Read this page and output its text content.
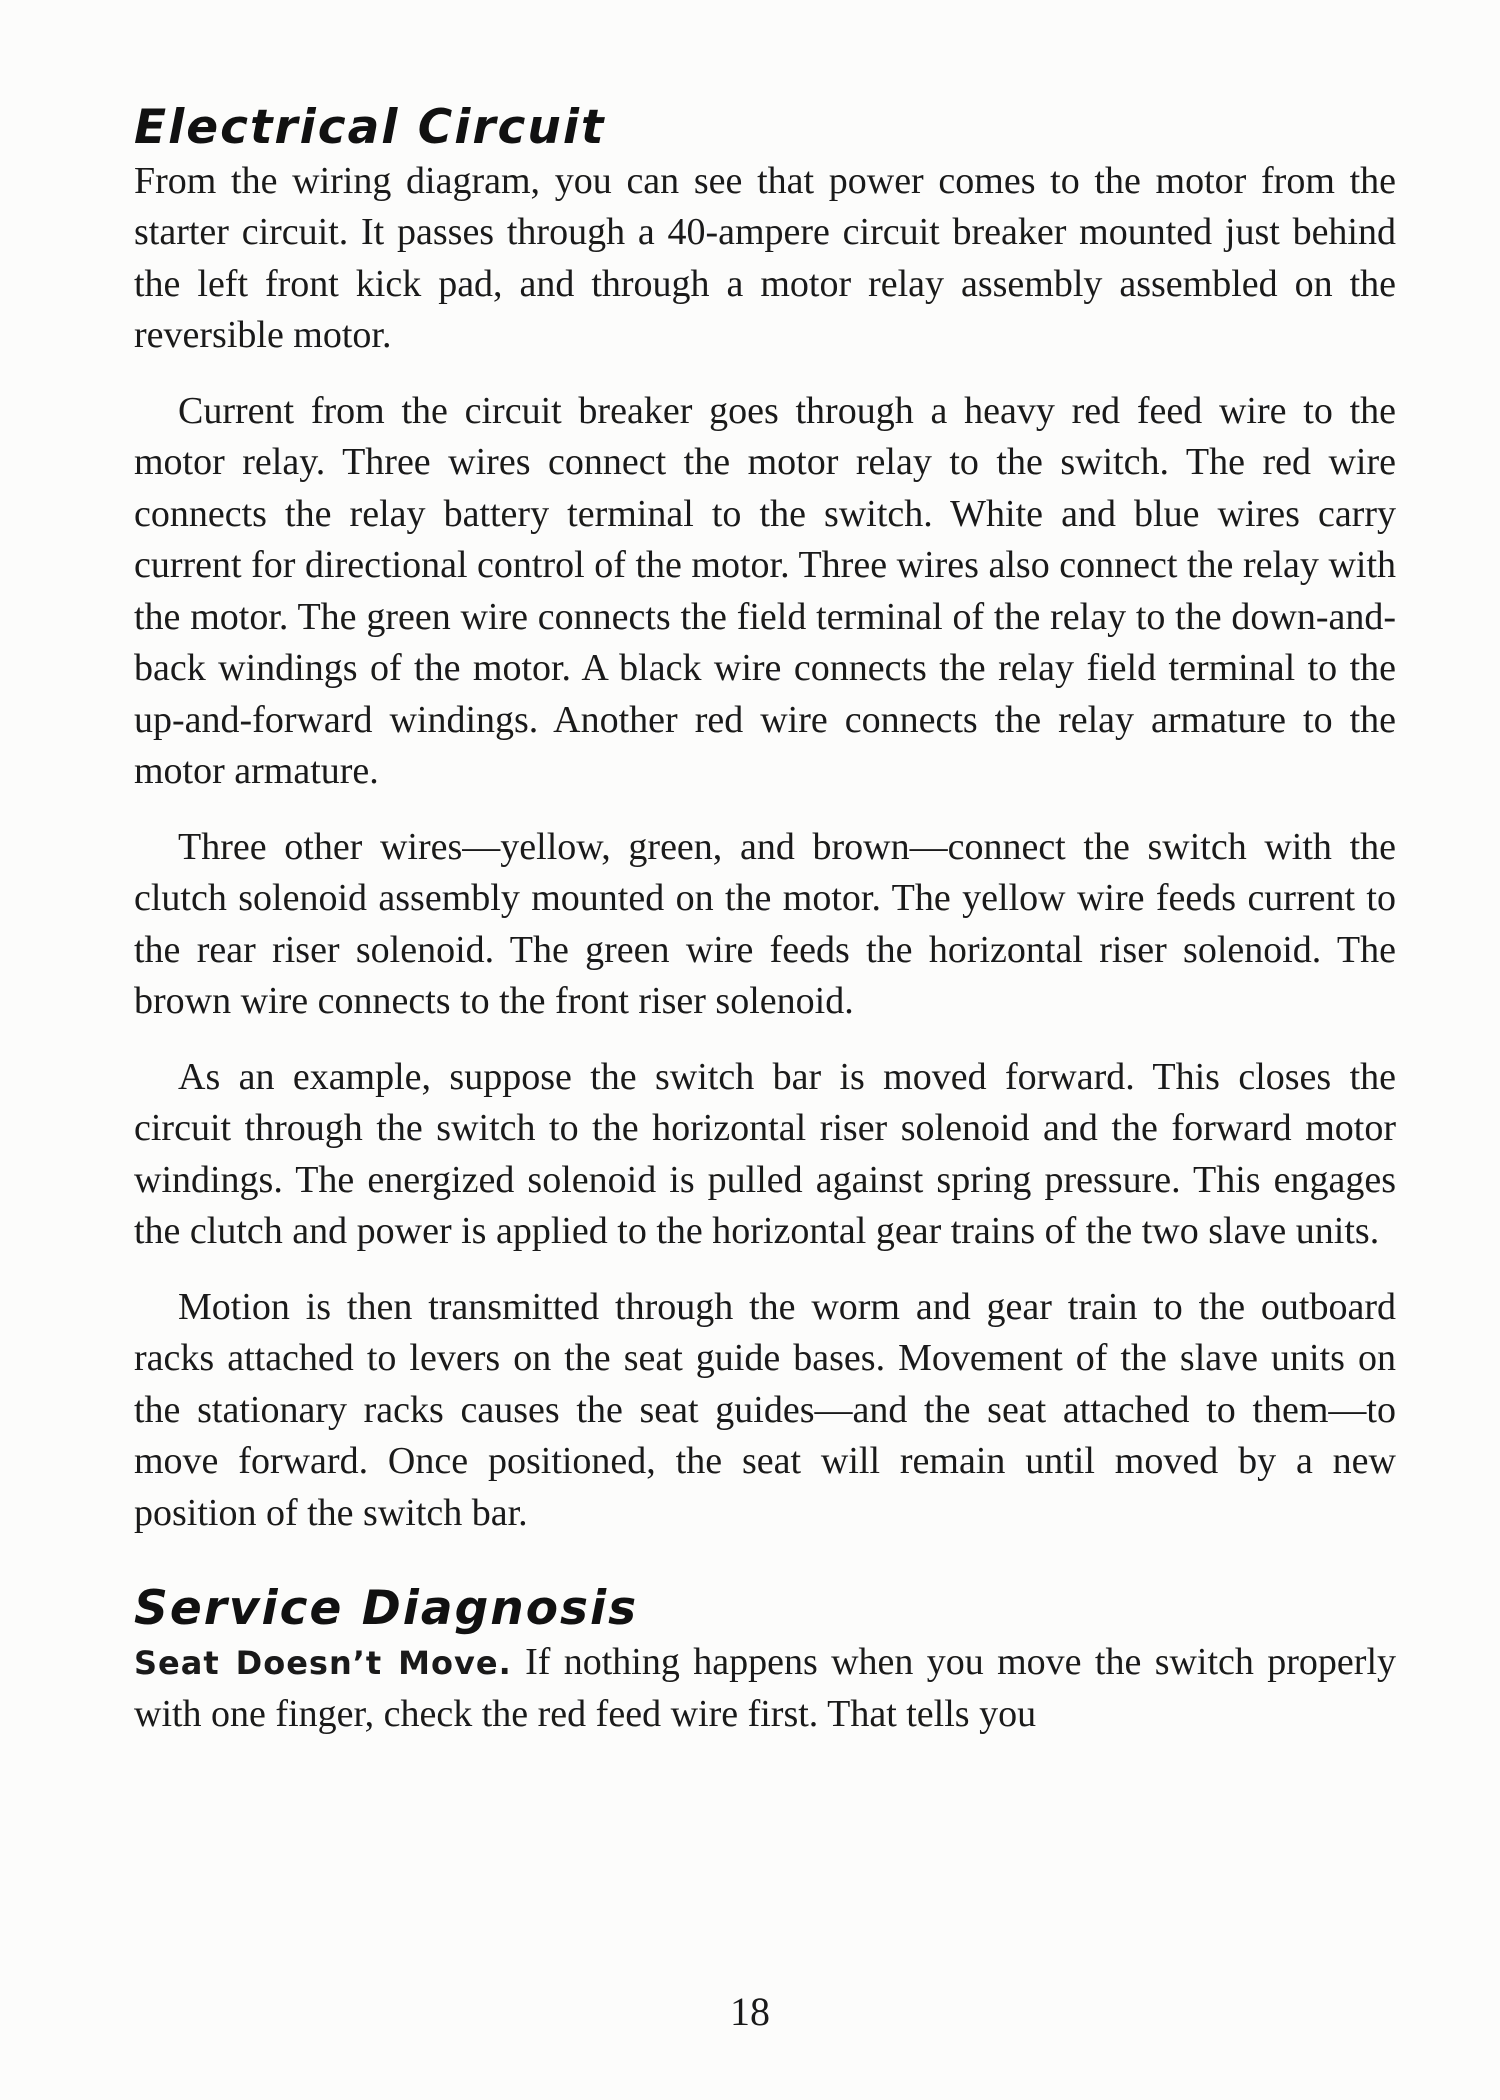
Electrical Circuit

From the wiring diagram, you can see that power comes to the motor from the starter circuit. It passes through a 40-ampere circuit breaker mounted just behind the left front kick pad, and through a motor relay assembly assembled on the reversible motor.

Current from the circuit breaker goes through a heavy red feed wire to the motor relay. Three wires connect the motor relay to the switch. The red wire connects the relay battery terminal to the switch. White and blue wires carry current for directional control of the motor. Three wires also connect the relay with the motor. The green wire connects the field terminal of the relay to the down-and-back windings of the motor. A black wire connects the relay field terminal to the up-and-forward windings. Another red wire connects the relay armature to the motor armature.

Three other wires—yellow, green, and brown—connect the switch with the clutch solenoid assembly mounted on the motor. The yellow wire feeds current to the rear riser solenoid. The green wire feeds the horizontal riser solenoid. The brown wire connects to the front riser solenoid.

As an example, suppose the switch bar is moved forward. This closes the circuit through the switch to the horizontal riser solenoid and the forward motor windings. The energized solenoid is pulled against spring pressure. This engages the clutch and power is applied to the horizontal gear trains of the two slave units.

Motion is then transmitted through the worm and gear train to the outboard racks attached to levers on the seat guide bases. Movement of the slave units on the stationary racks causes the seat guides—and the seat attached to them—to move forward. Once positioned, the seat will remain until moved by a new position of the switch bar.

Service Diagnosis

Seat Doesn’t Move. If nothing happens when you move the switch properly with one finger, check the red feed wire first. That tells you

18
